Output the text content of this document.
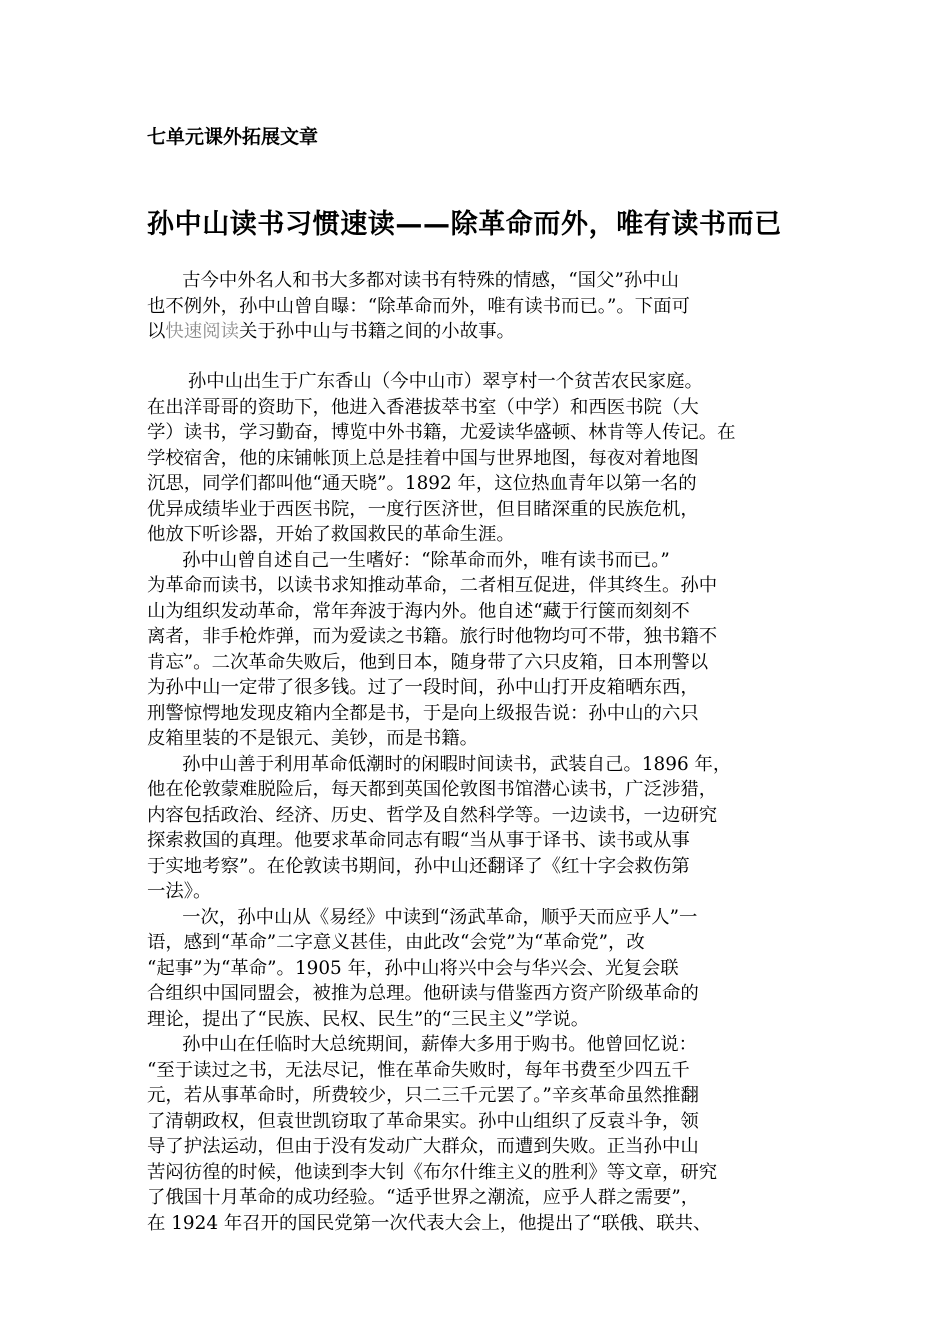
七单元课外拓展文章
孙中山读书习惯速读——除革命而外，唯有读书而已
古今中外名人和书大多都对读书有特殊的情感，“国父”孙中山
也不例外，孙中山曾自曝：“除革命而外，唯有读书而已。”。下面可
以快速阅读关于孙中山与书籍之间的小故事。
孙中山出生于广东香山（今中山市）翠亨村一个贫苦农民家庭。
在出洋哥哥的资助下，他进入香港拔萃书室（中学）和西医书院（大
学）读书，学习勤奋，博览中外书籍，尤爱读华盛顿、林肯等人传记。在
学校宿舍，他的床铺帐顶上总是挂着中国与世界地图，每夜对着地图
沉思，同学们都叫他“通天晓”。1892 年，这位热血青年以第一名的
优异成绩毕业于西医书院，一度行医济世，但目睹深重的民族危机，
他放下听诊器，开始了救国救民的革命生涯。
孙中山曾自述自己一生嗜好：“除革命而外，唯有读书而已。”
为革命而读书，以读书求知推动革命，二者相互促进，伴其终生。孙中
山为组织发动革命，常年奔波于海内外。他自述“藏于行箧而刻刻不
离者，非手枪炸弹，而为爱读之书籍。旅行时他物均可不带，独书籍不
肯忘”。二次革命失败后，他到日本，随身带了六只皮箱，日本刑警以
为孙中山一定带了很多钱。过了一段时间，孙中山打开皮箱晒东西，
刑警惊愕地发现皮箱内全都是书，于是向上级报告说：孙中山的六只
皮箱里装的不是银元、美钞，而是书籍。
孙中山善于利用革命低潮时的闲暇时间读书，武装自己。1896 年，
他在伦敦蒙难脱险后，每天都到英国伦敦图书馆潜心读书，广泛涉猎，
内容包括政治、经济、历史、哲学及自然科学等。一边读书，一边研究
探索救国的真理。他要求革命同志有暇“当从事于译书、读书或从事
于实地考察”。在伦敦读书期间，孙中山还翻译了《红十字会救伤第
一法》。
一次，孙中山从《易经》中读到“汤武革命，顺乎天而应乎人”一
语，感到“革命”二字意义甚佳，由此改“会党”为“革命党”，改
“起事”为“革命”。1905 年，孙中山将兴中会与华兴会、光复会联
合组织中国同盟会，被推为总理。他研读与借鉴西方资产阶级革命的
理论，提出了“民族、民权、民生”的“三民主义”学说。
孙中山在任临时大总统期间，薪俸大多用于购书。他曾回忆说：
“至于读过之书，无法尽记，惟在革命失败时，每年书费至少四五千
元，若从事革命时，所费较少，只二三千元罢了。”辛亥革命虽然推翻
了清朝政权，但袁世凯窃取了革命果实。孙中山组织了反袁斗争，领
导了护法运动，但由于没有发动广大群众，而遭到失败。正当孙中山
苦闷彷徨的时候，他读到李大钊《布尔什维主义的胜利》等文章，研究
了俄国十月革命的成功经验。“适乎世界之潮流，应乎人群之需要”，
在 1924 年召开的国民党第一次代表大会上，他提出了“联俄、联共、
